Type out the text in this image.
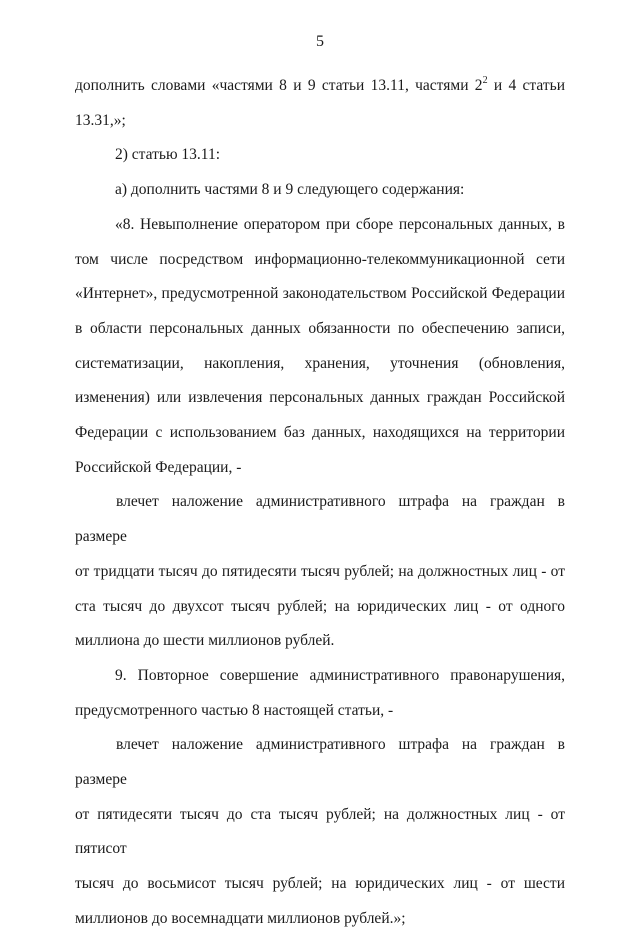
5
дополнить словами «частями 8 и 9 статьи 13.11, частями $2^2$ и 4 статьи
13.31,»;
2) статью 13.11:
а) дополнить частями 8 и 9 следующего содержания:
«8. Невыполнение оператором при сборе персональных данных, в
том числе посредством информационно-телекоммуникационной сети
«Интернет», предусмотренной законодательством Российской Федерации
в области персональных данных обязанности по обеспечению записи,
систематизации, накопления, хранения, уточнения (обновления,
изменения) или извлечения персональных данных граждан Российской
Федерации с использованием баз данных, находящихся на территории
Российской Федерации, -
влечет наложение административного штрафа на граждан в размере
от тридцати тысяч до пятидесяти тысяч рублей; на должностных лиц - от
ста тысяч до двухсот тысяч рублей; на юридических лиц - от одного
миллиона до шести миллионов рублей.
9. Повторное совершение административного правонарушения,
предусмотренного частью 8 настоящей статьи, -
влечет наложение административного штрафа на граждан в размере
от пятидесяти тысяч до ста тысяч рублей; на должностных лиц - от пятисот
тысяч до восьмисот тысяч рублей; на юридических лиц - от шести
миллионов до восемнадцати миллионов рублей.»;
